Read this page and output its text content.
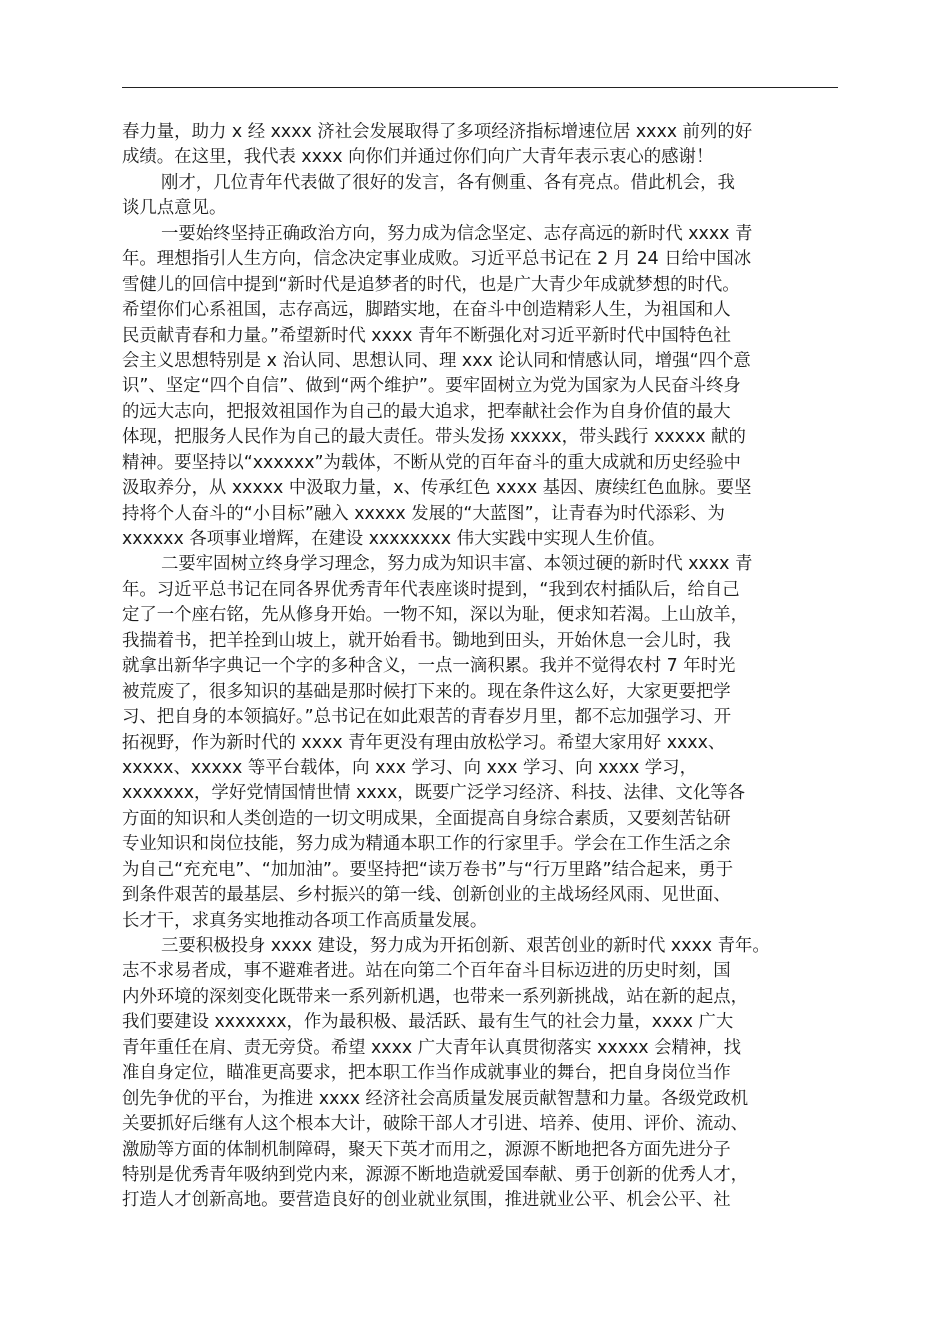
春力量，助力 x 经 xxxx 济社会发展取得了多项经济指标增速位居 xxxx 前列的好
成绩。在这里，我代表 xxxx 向你们并通过你们向广大青年表示衷心的感谢！
刚才，几位青年代表做了很好的发言，各有侧重、各有亮点。借此机会，我
谈几点意见。
一要始终坚持正确政治方向，努力成为信念坚定、志存高远的新时代 xxxx 青
年。理想指引人生方向，信念决定事业成败。习近平总书记在 2 月 24 日给中国冰
雪健儿的回信中提到“新时代是追梦者的时代，也是广大青少年成就梦想的时代。
希望你们心系祖国，志存高远，脚踏实地，在奋斗中创造精彩人生，为祖国和人
民贡献青春和力量。”希望新时代 xxxx 青年不断强化对习近平新时代中国特色社
会主义思想特别是 x 治认同、思想认同、理 xxx 论认同和情感认同，增强“四个意
识”、坚定“四个自信”、做到“两个维护”。要牢固树立为党为国家为人民奋斗终身
的远大志向，把报效祖国作为自己的最大追求，把奉献社会作为自身价值的最大
体现，把服务人民作为自己的最大责任。带头发扬 xxxxx，带头践行 xxxxx 献的
精神。要坚持以“xxxxxx”为载体，不断从党的百年奋斗的重大成就和历史经验中
汲取养分，从 xxxxx 中汲取力量，x、传承红色 xxxx 基因、赓续红色血脉。要坚
持将个人奋斗的“小目标”融入 xxxxx 发展的“大蓝图”，让青春为时代添彩、为
xxxxxx 各项事业增辉，在建设 xxxxxxxx 伟大实践中实现人生价值。
二要牢固树立终身学习理念，努力成为知识丰富、本领过硬的新时代 xxxx 青
年。习近平总书记在同各界优秀青年代表座谈时提到，“我到农村插队后，给自己
定了一个座右铭，先从修身开始。一物不知，深以为耻，便求知若渴。上山放羊，
我揣着书，把羊拴到山坡上，就开始看书。锄地到田头，开始休息一会儿时，我
就拿出新华字典记一个字的多种含义，一点一滴积累。我并不觉得农村 7 年时光
被荒废了，很多知识的基础是那时候打下来的。现在条件这么好，大家更要把学
习、把自身的本领搞好。”总书记在如此艰苦的青春岁月里，都不忘加强学习、开
拓视野，作为新时代的 xxxx 青年更没有理由放松学习。希望大家用好 xxxx、
xxxxx、xxxxx 等平台载体，向 xxx 学习、向 xxx 学习、向 xxxx 学习，
xxxxxxx，学好党情国情世情 xxxx，既要广泛学习经济、科技、法律、文化等各
方面的知识和人类创造的一切文明成果，全面提高自身综合素质，又要刻苦钻研
专业知识和岗位技能，努力成为精通本职工作的行家里手。学会在工作生活之余
为自己“充充电”、“加加油”。要坚持把“读万卷书”与“行万里路”结合起来，勇于
到条件艰苦的最基层、乡村振兴的第一线、创新创业的主战场经风雨、见世面、
长才干，求真务实地推动各项工作高质量发展。
三要积极投身 xxxx 建设，努力成为开拓创新、艰苦创业的新时代 xxxx 青年。
志不求易者成，事不避难者进。站在向第二个百年奋斗目标迈进的历史时刻，国
内外环境的深刻变化既带来一系列新机遇，也带来一系列新挑战，站在新的起点，
我们要建设 xxxxxxx，作为最积极、最活跃、最有生气的社会力量，xxxx 广大
青年重任在肩、责无旁贷。希望 xxxx 广大青年认真贯彻落实 xxxxx 会精神，找
准自身定位，瞄准更高要求，把本职工作当作成就事业的舞台，把自身岗位当作
创先争优的平台，为推进 xxxx 经济社会高质量发展贡献智慧和力量。各级党政机
关要抓好后继有人这个根本大计，破除干部人才引进、培养、使用、评价、流动、
激励等方面的体制机制障碍，聚天下英才而用之，源源不断地把各方面先进分子
特别是优秀青年吸纳到党内来，源源不断地造就爱国奉献、勇于创新的优秀人才，
打造人才创新高地。要营造良好的创业就业氛围，推进就业公平、机会公平、社
